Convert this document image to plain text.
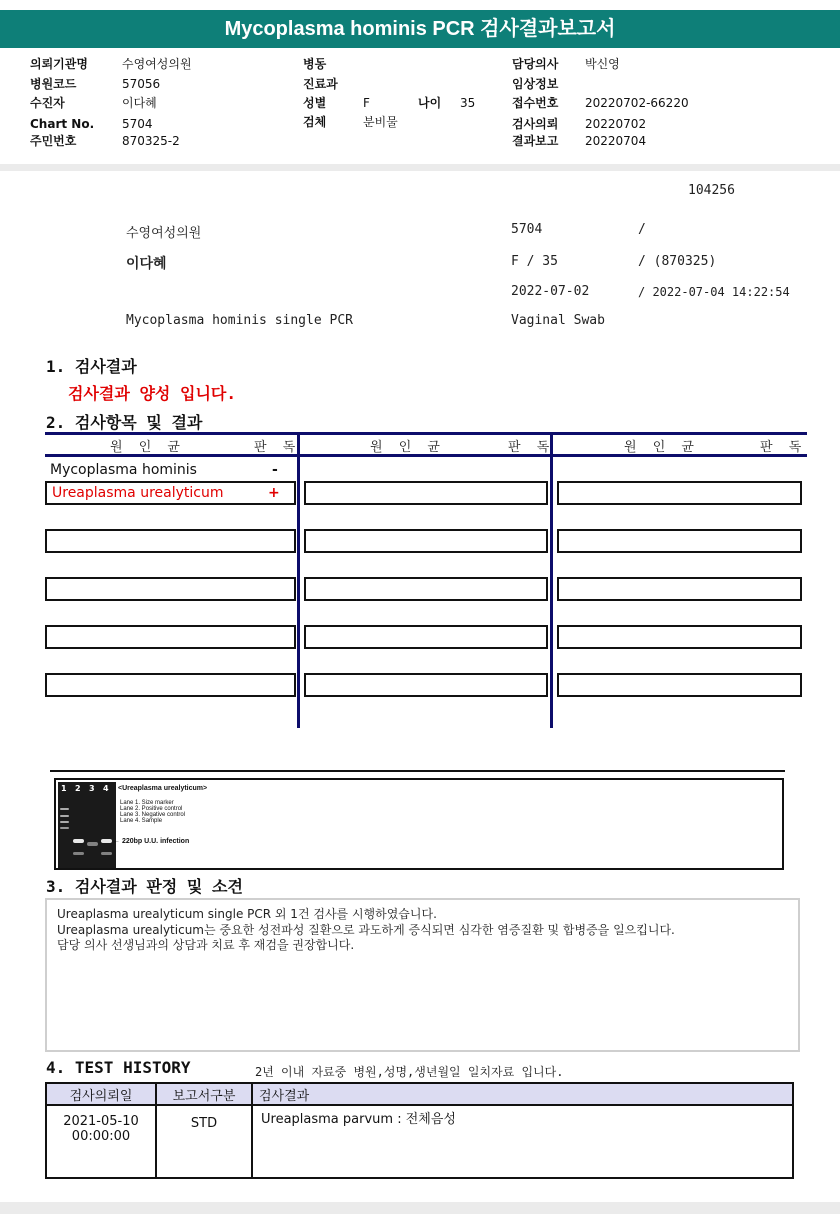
Mycoplasma hominis PCR 검사결과보고서
의뢰기관명	수영여성의원
병원코드	57056
수진자	이다혜
Chart No. 5704
주민번호	870325-2
병동
진료과
성별	F	나이 35
검체	분비물
담당의사 박신영
임상정보
접수번호 20220702-66220
검사의뢰 20220702
결과보고 20220704
104256
수영여성의원	5704	/
이다혜	F / 35	/ (870325)
2022-07-02	/ 2022-07-04 14:22:54
Mycoplasma hominis single PCR	Vaginal Swab
1. 검사결과
검사결과 양성 입니다.
2. 검사항목 및 결과
원 인 균	판 독	원 인 균	판 독	원 인 균	판 독
Mycoplasma hominis	-
Ureaplasma urealyticum	+
1 2 3 4 <Ureaplasma urealyticum>
Lane 1. Size marker
Lane 2. Positive control
Lane 3. Negative control
Lane 4. Sample
← 220bp U.U. infection
3. 검사결과 판정 및 소견
Ureaplasma urealyticum single PCR 외 1건 검사를 시행하였습니다.
Ureaplasma urealyticum는 중요한 성전파성 질환으로 과도하게 증식되면 심각한 염증질환 및 합병증을 일으킵니다.
담당 의사 선생님과의 상담과 치료 후 재검을 권장합니다.
4. TEST HISTORY	2년 이내 자료중 병원,성명,생년월일 일치자료 입니다.
검사의뢰일	보고서구분	검사결과

2021-05-10
00:00:00	STD	Ureaplasma parvum : 전체음성
